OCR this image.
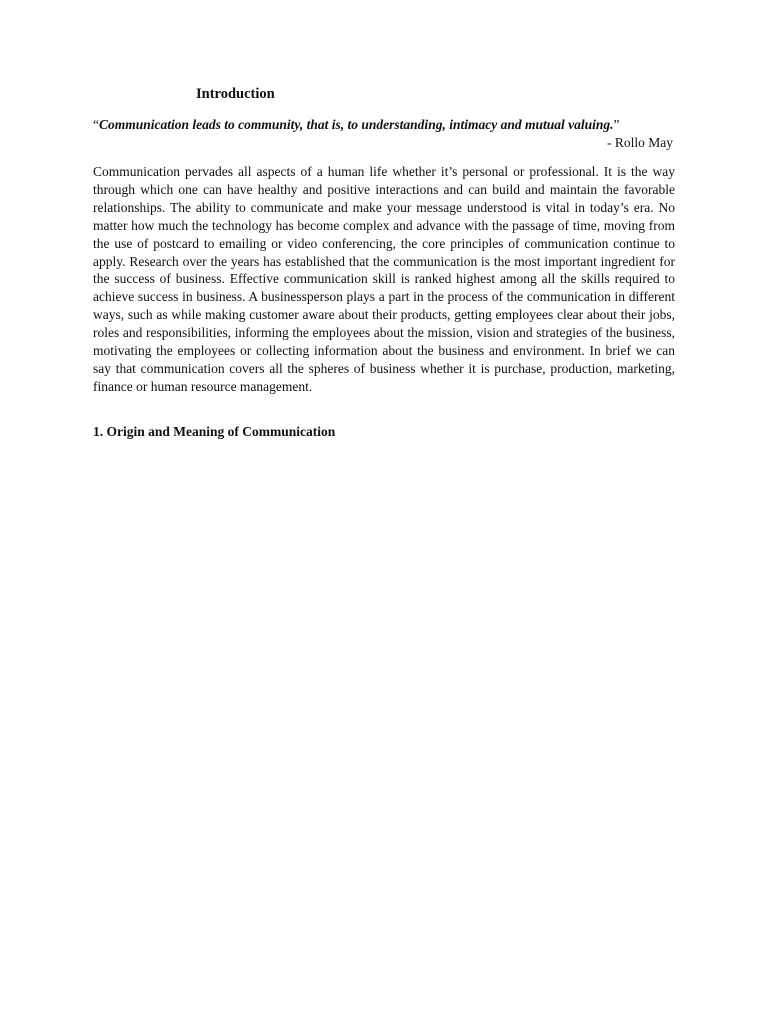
Introduction

“Communication leads to community, that is, to understanding, intimacy and mutual valuing.”

- Rollo May

Communication pervades all aspects of a human life whether it’s personal or professional. It is the way through which one can have healthy and positive interactions and can build and maintain the favorable relationships. The ability to communicate and make your message understood is vital in today’s era. No matter how much the technology has become complex and advance with the passage of time, moving from the use of postcard to emailing or video conferencing, the core principles of communication continue to apply. Research over the years has established that the communication is the most important ingredient for the success of business. Effective communication skill is ranked highest among all the skills required to achieve success in business. A businessperson plays a part in the process of the communication in different ways, such as while making customer aware about their products, getting employees clear about their jobs, roles and responsibilities, informing the employees about the mission, vision and strategies of the business, motivating the employees or collecting information about the business and environment. In brief we can say that communication covers all the spheres of business whether it is purchase, production, marketing, finance or human resource management.

1. Origin and Meaning of Communication
